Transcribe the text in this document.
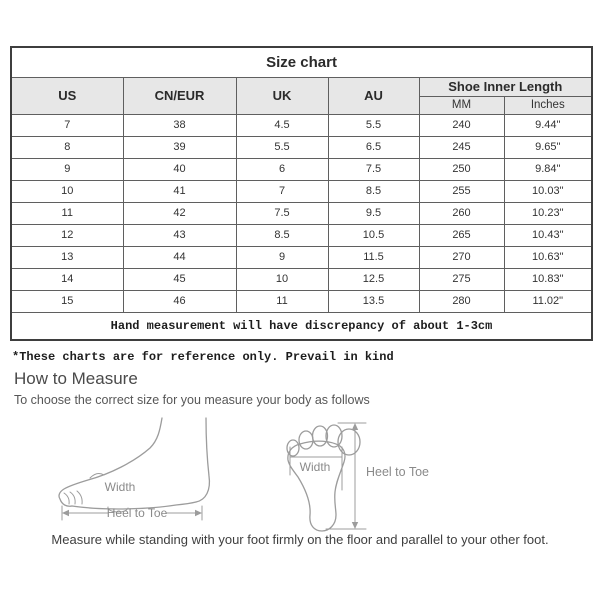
Size chart					
US	CN/EUR	UK	AU	Shoe Inner Length	
				MM	Inches
7	38	4.5	5.5	240	9.44"
8	39	5.5	6.5	245	9.65"
9	40	6	7.5	250	9.84"
10	41	7	8.5	255	10.03"
11	42	7.5	9.5	260	10.23"
12	43	8.5	10.5	265	10.43"
13	44	9	11.5	270	10.63"
14	45	10	12.5	275	10.83"
15	46	11	13.5	280	11.02"
Hand measurement will have discrepancy of about 1-3cm					

*These charts are for reference only. Prevail in kind

How to Measure

To choose the correct size for you measure your body as follows

Width
Heel to Toe
Width	Heel to Toe

Measure while standing with your foot firmly on the floor and parallel to your other foot.
